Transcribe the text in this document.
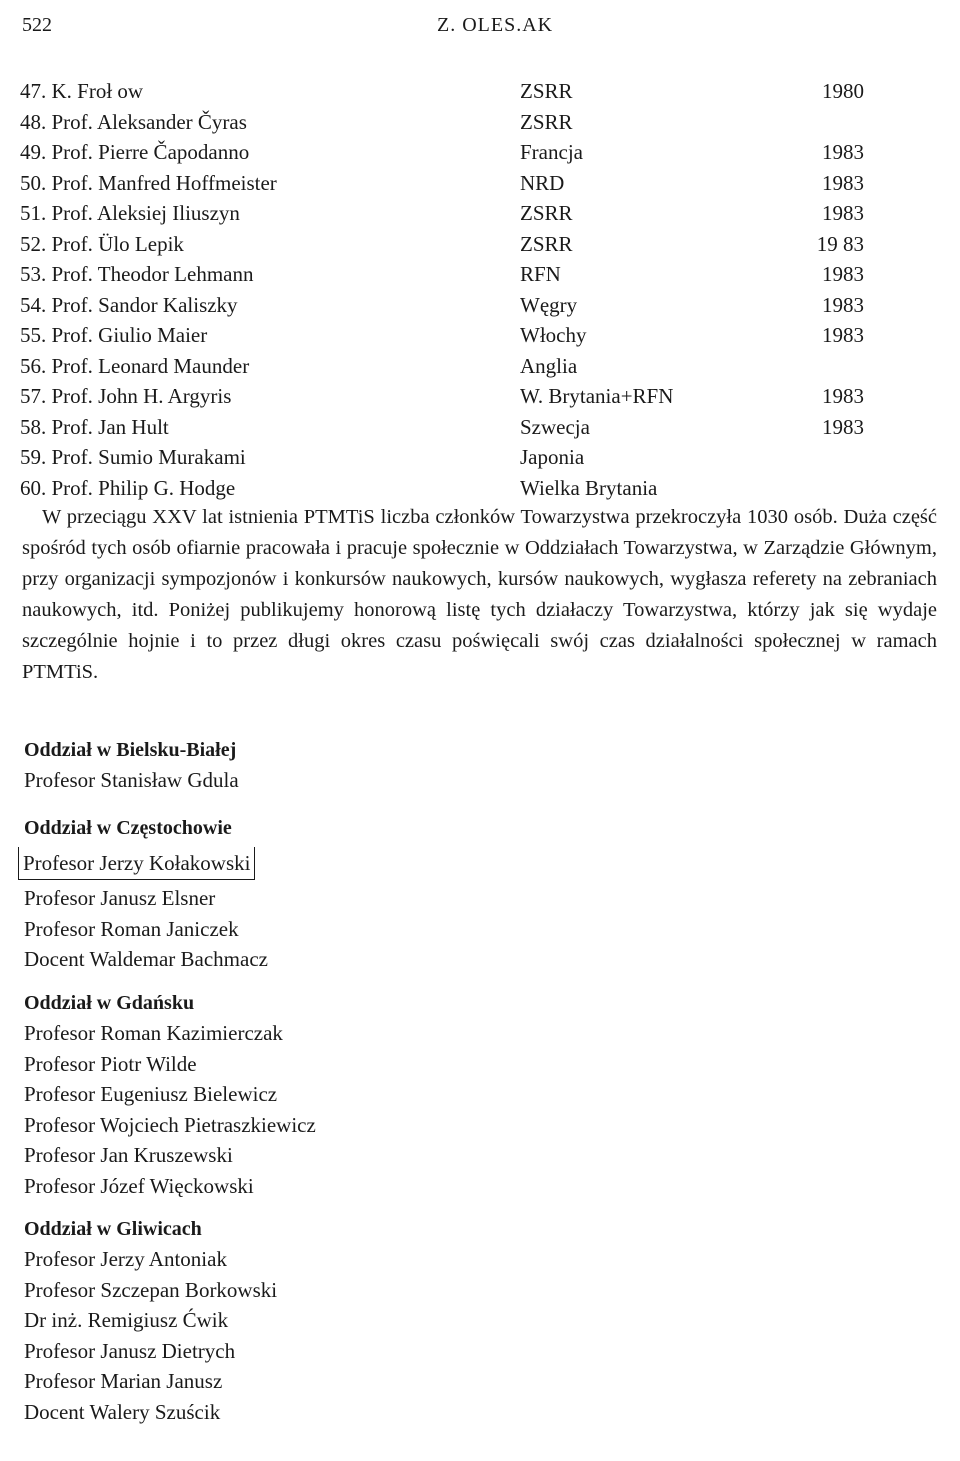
522	Z. OLES.AK
47. K. Froł ow	ZSRR	1980
48. Prof. Aleksander Čyras	ZSRR
49. Prof. Pierre Čapodanno	Francja	1983
50. Prof. Manfred Hoffmeister	NRD	1983
51. Prof. Aleksiej Iliuszyn	ZSRR	1983
52. Prof. Ülo Lepik	ZSRR	19 83
53. Prof. Theodor Lehmann	RFN	1983
54. Prof. Sandor Kaliszky	Węgry	1983
55. Prof. Giulio Maier	Włochy	1983
56. Prof. Leonard Maunder	Anglia
57. Prof. John H. Argyris	W. Brytania+RFN	1983
58. Prof. Jan Hult	Szwecja	1983
59. Prof. Sumio Murakami	Japonia
60. Prof. Philip G. Hodge	Wielka Brytania

W przeciągu XXV lat istnienia PTMTiS liczba członków Towarzystwa przekroczyła 1030 osób. Duża część spośród tych osób ofiarnie pracowała i pracuje społecznie w Oddziałach Towarzystwa, w Zarządzie Głównym, przy organizacji sympozjonów i konkursów naukowych, kursów naukowych, wygłasza referety na zebraniach naukowych, itd. Poniżej publikujemy honorową listę tych działaczy Towarzystwa, którzy jak się wydaje szczególnie hojnie i to przez długi okres czasu poświęcali swój czas działalności społecznej w ramach PTMTiS.

Oddział w Bielsku-Białej
Profesor Stanisław Gdula
Oddział w Częstochowie
Profesor Jerzy Kołakowski
Profesor Janusz Elsner
Profesor Roman Janiczek
Docent Waldemar Bachmacz
Oddział w Gdańsku
Profesor Roman Kazimierczak
Profesor Piotr Wilde
Profesor Eugeniusz Bielewicz
Profesor Wojciech Pietraszkiewicz
Profesor Jan Kruszewski
Profesor Józef Więckowski
Oddział w Gliwicach
Profesor Jerzy Antoniak
Profesor Szczepan Borkowski
Dr inż. Remigiusz Ćwik
Profesor Janusz Dietrych
Profesor Marian Janusz
Docent Walery Szuścik
